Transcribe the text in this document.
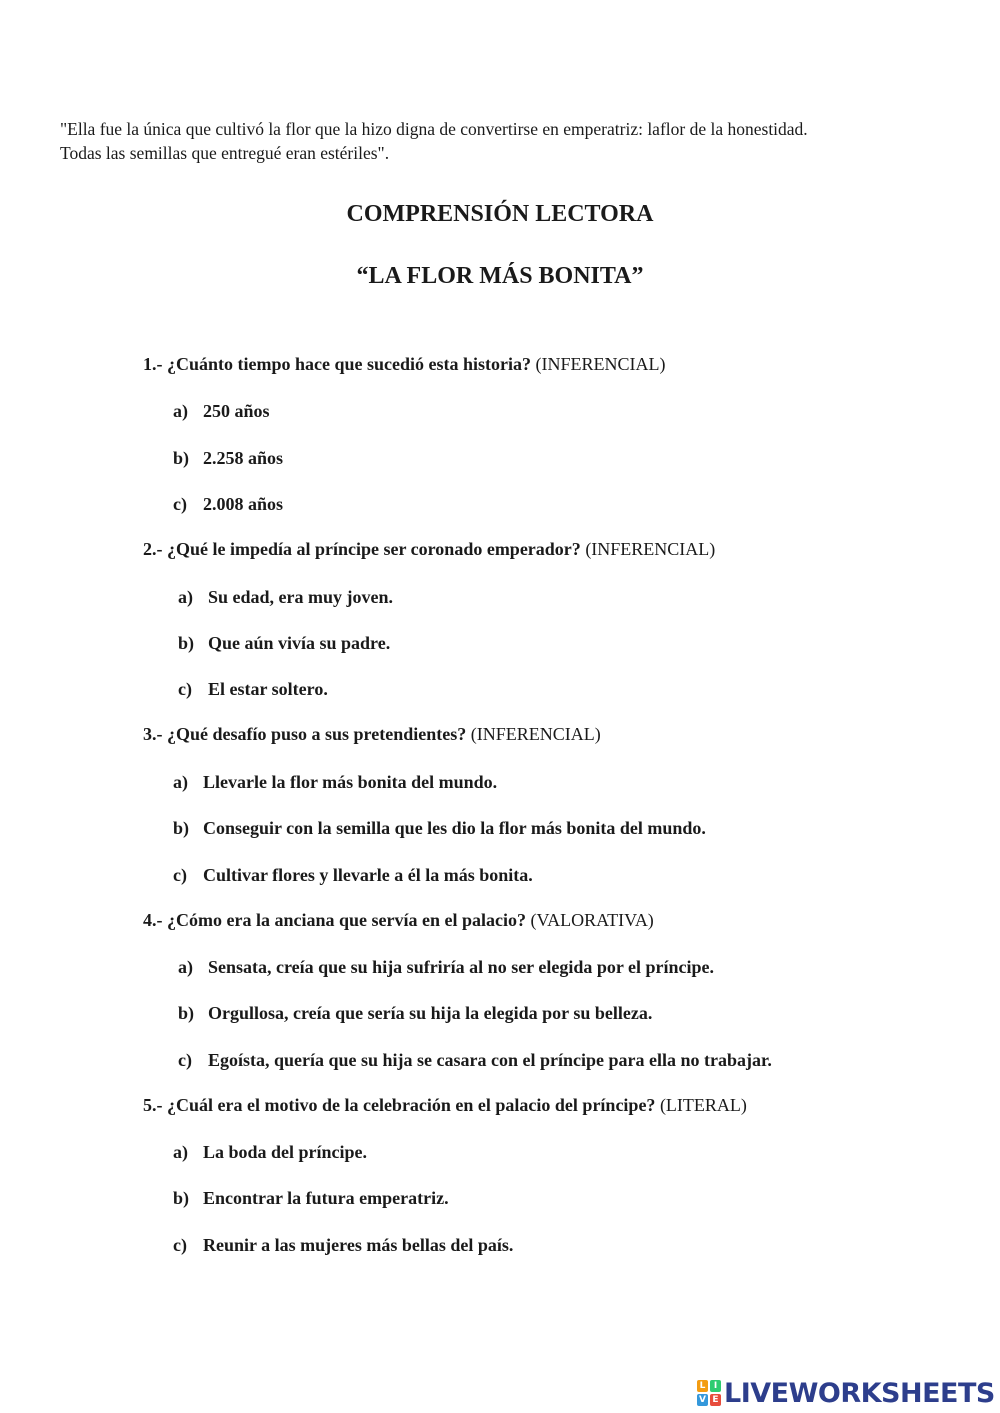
"Ella fue la única que cultivó la flor que la hizo digna de convertirse en emperatriz: laflor de la honestidad.
Todas las semillas que entregué eran estériles".
COMPRENSIÓN LECTORA
“LA FLOR MÁS BONITA”
1.- ¿Cuánto tiempo hace que sucedió esta historia? (INFERENCIAL)
a) 250 años
b) 2.258 años
c) 2.008 años
2.- ¿Qué le impedía al príncipe ser coronado emperador? (INFERENCIAL)
a) Su edad, era muy joven.
b) Que aún vivía su padre.
c) El estar soltero.
3.- ¿Qué desafío puso a sus pretendientes? (INFERENCIAL)
a) Llevarle la flor más bonita del mundo.
b) Conseguir con la semilla que les dio la flor más bonita del mundo.
c) Cultivar flores y llevarle a él la más bonita.
4.- ¿Cómo era la anciana que servía en el palacio? (VALORATIVA)
a) Sensata, creía que su hija sufriría al no ser elegida por el príncipe.
b) Orgullosa, creía que sería su hija la elegida por su belleza.
c) Egoísta, quería que su hija se casara con el príncipe para ella no trabajar.
5.- ¿Cuál era el motivo de la celebración en el palacio del príncipe? (LITERAL)
a) La boda del príncipe.
b) Encontrar la futura emperatriz.
c) Reunir a las mujeres más bellas del país.
L I
V E LIVEWORKSHEETS
